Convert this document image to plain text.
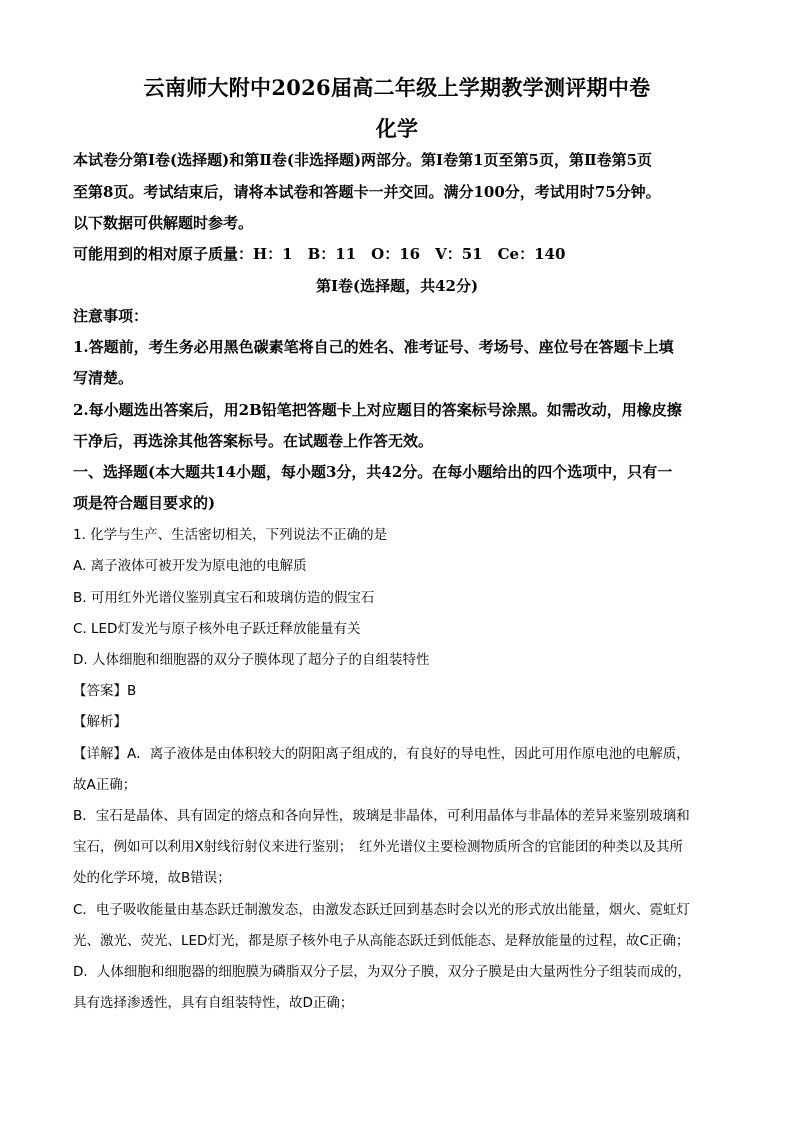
云南师大附中2026届高二年级上学期教学测评期中卷
化学
本试卷分第Ⅰ卷(选择题)和第Ⅱ卷(非选择题)两部分。第Ⅰ卷第1页至第5页，第Ⅱ卷第5页
至第8页。考试结束后，请将本试卷和答题卡一并交回。满分100分，考试用时75分钟。
以下数据可供解题时参考。
可能用到的相对原子质量：H：1　B：11　O：16　V：51　Ce：140
第Ⅰ卷(选择题，共42分)
注意事项：
1.答题前，考生务必用黑色碳素笔将自己的姓名、准考证号、考场号、座位号在答题卡上填
写清楚。
2.每小题选出答案后，用2B铅笔把答题卡上对应题目的答案标号涂黑。如需改动，用橡皮擦
干净后，再选涂其他答案标号。在试题卷上作答无效。
一、选择题(本大题共14小题，每小题3分，共42分。在每小题给出的四个选项中，只有一
项是符合题目要求的)
1. 化学与生产、生活密切相关，下列说法不正确的是
A. 离子液体可被开发为原电池的电解质
B. 可用红外光谱仪鉴别真宝石和玻璃仿造的假宝石
C. LED灯发光与原子核外电子跃迁释放能量有关
D. 人体细胞和细胞器的双分子膜体现了超分子的自组装特性
【答案】B
【解析】
【详解】A．离子液体是由体积较大的阴阳离子组成的，有良好的导电性，因此可用作原电池的电解质，
故A正确；
B．宝石是晶体、具有固定的熔点和各向异性，玻璃是非晶体，可利用晶体与非晶体的差异来鉴别玻璃和
宝石，例如可以利用X射线衍射仪来进行鉴别；　红外光谱仪主要检测物质所含的官能团的种类以及其所
处的化学环境，故B错误；
C．电子吸收能量由基态跃迁制激发态，由激发态跃迁回到基态时会以光的形式放出能量，烟火、霓虹灯
光、激光、荧光、LED灯光，都是原子核外电子从高能态跃迁到低能态、是释放能量的过程，故C正确；
D．人体细胞和细胞器的细胞膜为磷脂双分子层，为双分子膜，双分子膜是由大量两性分子组装而成的，
具有选择渗透性，具有自组装特性，故D正确；
